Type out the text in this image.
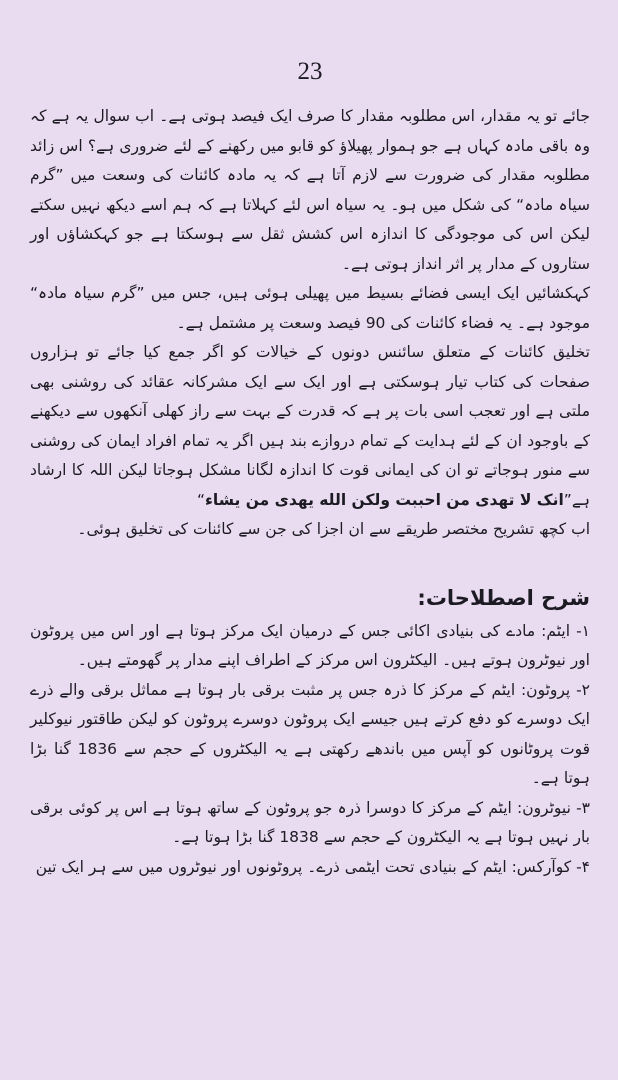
23

جائے تو یہ مقدار، اس مطلوبہ مقدار کا صرف ایک فیصد ہوتی ہے۔ اب سوال یہ ہے کہ وہ باقی مادہ کہاں ہے جو ہموار پھیلاؤ کو قابو میں رکھنے کے لئے ضروری ہے؟ اس زائد مطلوبہ مقدار کی ضرورت سے لازم آتا ہے کہ یہ مادہ کائنات کی وسعت میں ”گرم سیاہ مادہ“ کی شکل میں ہو۔ یہ سیاہ اس لئے کہلاتا ہے کہ ہم اسے دیکھ نہیں سکتے لیکن اس کی موجودگی کا اندازہ اس کشش ثقل سے ہوسکتا ہے جو کہکشاؤں اور ستاروں کے مدار پر اثر انداز ہوتی ہے۔

کہکشائیں ایک ایسی فضائے بسیط میں پھیلی ہوئی ہیں، جس میں ”گرم سیاہ مادہ“ موجود ہے۔ یہ فضاء کائنات کی 90 فیصد وسعت پر مشتمل ہے۔

تخلیق کائنات کے متعلق سائنس دونوں کے خیالات کو اگر جمع کیا جائے تو ہزاروں صفحات کی کتاب تیار ہوسکتی ہے اور ایک سے ایک مشرکانہ عقائد کی روشنی بھی ملتی ہے اور تعجب اسی بات پر ہے کہ قدرت کے بہت سے راز کھلی آنکھوں سے دیکھنے کے باوجود ان کے لئے ہدایت کے تمام دروازے بند ہیں اگر یہ تمام افراد ایمان کی روشنی سے منور ہوجاتے تو ان کی ایمانی قوت کا اندازہ لگانا مشکل ہوجاتا لیکن اللہ کا ارشاد ہے”انک لا تهدی من احببت ولکن الله یهدی من یشاء“

اب کچھ تشریح مختصر طریقے سے ان اجزا کی جن سے کائنات کی تخلیق ہوئی۔

شرح اصطلاحات:

۱- ایٹم: مادے کی بنیادی اکائی جس کے درمیان ایک مرکز ہوتا ہے اور اس میں پروٹون اور نیوٹرون ہوتے ہیں۔ الیکٹرون اس مرکز کے اطراف اپنے مدار پر گھومتے ہیں۔

۲- پروٹون: ایٹم کے مرکز کا ذرہ جس پر مثبت برقی بار ہوتا ہے مماثل برقی والے ذرے ایک دوسرے کو دفع کرتے ہیں جیسے ایک پروٹون دوسرے پروٹون کو لیکن طاقتور نیوکلیر قوت پروٹانوں کو آپس میں باندھے رکھتی ہے یہ الیکٹروں کے حجم سے 1836 گنا بڑا ہوتا ہے۔

۳- نیوٹرون: ایٹم کے مرکز کا دوسرا ذرہ جو پروٹون کے ساتھ ہوتا ہے اس پر کوئی برقی بار نہیں ہوتا ہے یہ الیکٹرون کے حجم سے 1838 گنا بڑا ہوتا ہے۔

۴- کوآرکس: ایٹم کے بنیادی تحت ایٹمی ذرے۔ پروٹونوں اور نیوٹروں میں سے ہر ایک تین
